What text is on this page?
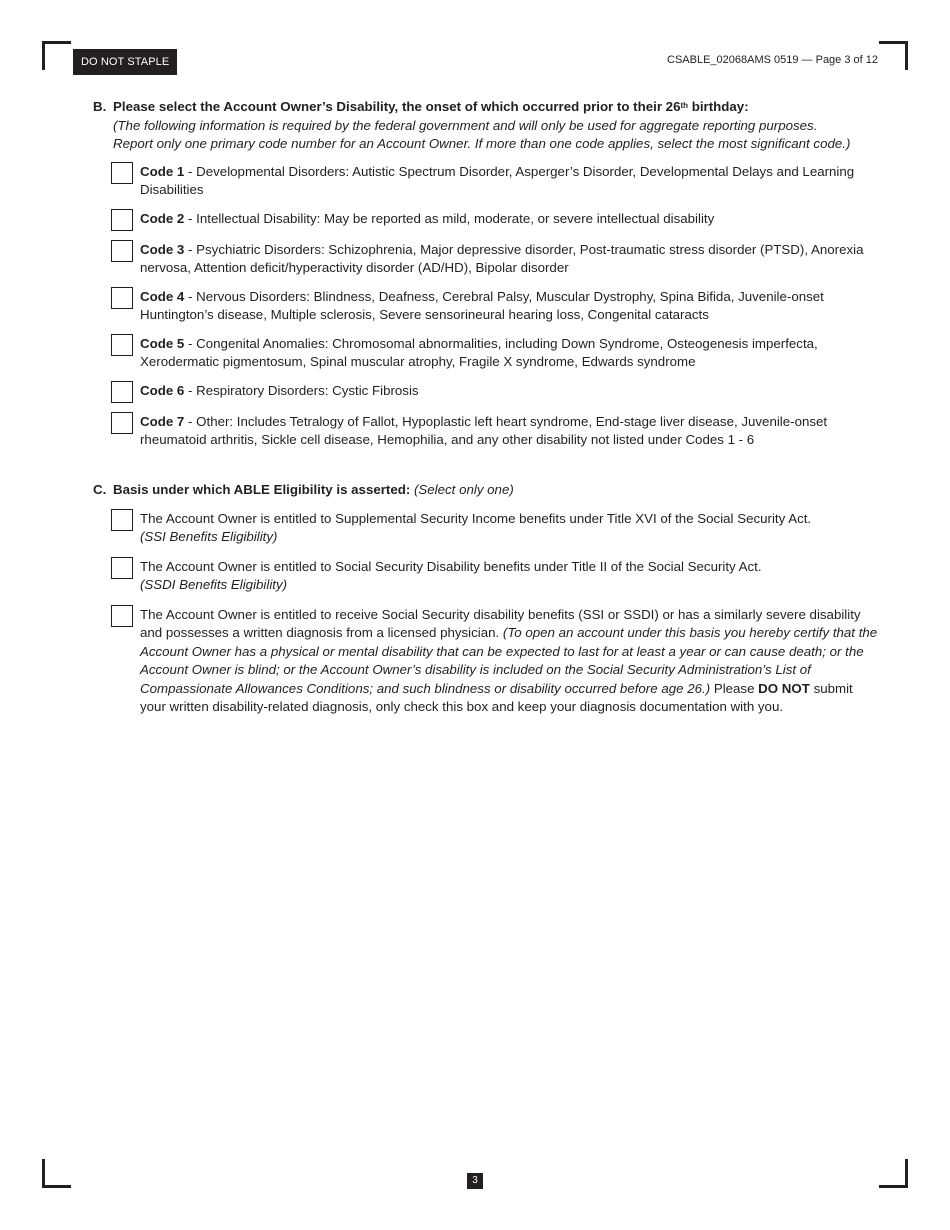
DO NOT STAPLE	CSABLE_02068AMS 0519 — Page 3 of 12
B. Please select the Account Owner’s Disability, the onset of which occurred prior to their 26th birthday:
(The following information is required by the federal government and will only be used for aggregate reporting purposes.
Report only one primary code number for an Account Owner. If more than one code applies, select the most significant code.)
Code 1 - Developmental Disorders: Autistic Spectrum Disorder, Asperger’s Disorder, Developmental Delays and Learning Disabilities
Code 2 - Intellectual Disability: May be reported as mild, moderate, or severe intellectual disability
Code 3 - Psychiatric Disorders: Schizophrenia, Major depressive disorder, Post-traumatic stress disorder (PTSD), Anorexia nervosa, Attention deficit/hyperactivity disorder (AD/HD), Bipolar disorder
Code 4 - Nervous Disorders: Blindness, Deafness, Cerebral Palsy, Muscular Dystrophy, Spina Bifida, Juvenile-onset Huntington’s disease, Multiple sclerosis, Severe sensorineural hearing loss, Congenital cataracts
Code 5 - Congenital Anomalies: Chromosomal abnormalities, including Down Syndrome, Osteogenesis imperfecta, Xerodermatic pigmentosum, Spinal muscular atrophy, Fragile X syndrome, Edwards syndrome
Code 6 - Respiratory Disorders: Cystic Fibrosis
Code 7 - Other: Includes Tetralogy of Fallot, Hypoplastic left heart syndrome, End-stage liver disease, Juvenile-onset rheumatoid arthritis, Sickle cell disease, Hemophilia, and any other disability not listed under Codes 1 - 6
C. Basis under which ABLE Eligibility is asserted: (Select only one)
The Account Owner is entitled to Supplemental Security Income benefits under Title XVI of the Social Security Act.
(SSI Benefits Eligibility)
The Account Owner is entitled to Social Security Disability benefits under Title II of the Social Security Act.
(SSDI Benefits Eligibility)
The Account Owner is entitled to receive Social Security disability benefits (SSI or SSDI) or has a similarly severe disability and possesses a written diagnosis from a licensed physician. (To open an account under this basis you hereby certify that the Account Owner has a physical or mental disability that can be expected to last for at least a year or can cause death; or the Account Owner is blind; or the Account Owner’s disability is included on the Social Security Administration’s List of Compassionate Allowances Conditions; and such blindness or disability occurred before age 26.) Please DO NOT submit your written disability-related diagnosis, only check this box and keep your diagnosis documentation with you.
3
